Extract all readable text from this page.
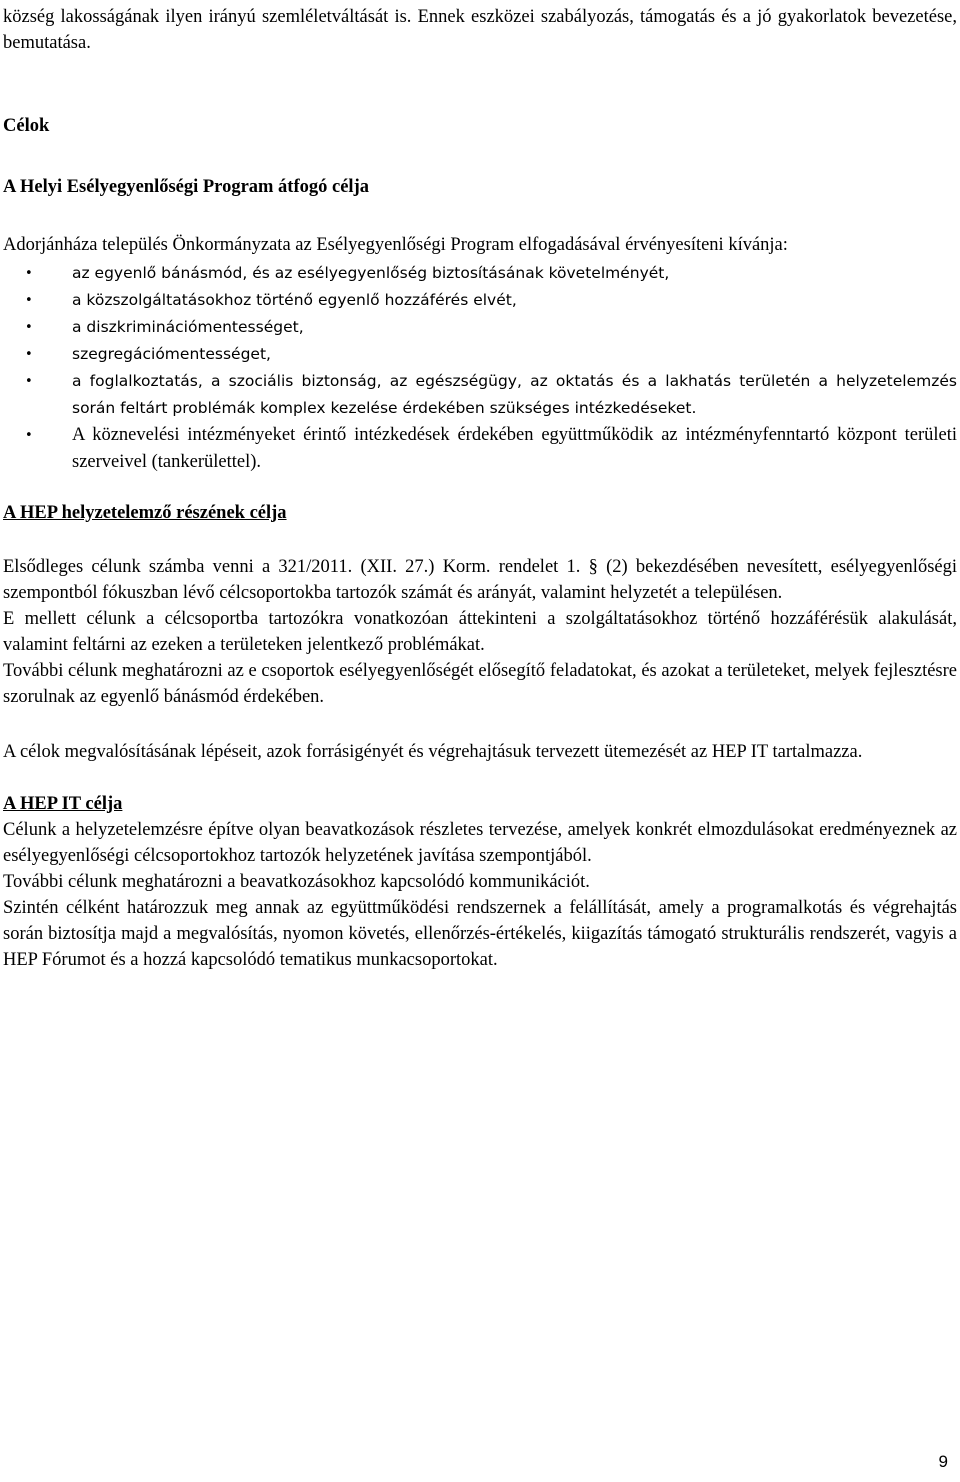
község lakosságának ilyen irányú szemléletváltását is. Ennek eszközei szabályozás, támogatás és a jó gyakorlatok bevezetése, bemutatása.

Célok
A Helyi Esélyegyenlőségi Program átfogó célja

Adorjánháza település Önkormányzata az Esélyegyenlőségi Program elfogadásával érvényesíteni kívánja:

•	az egyenlő bánásmód, és az esélyegyenlőség biztosításának követelményét,
•	a közszolgáltatásokhoz történő egyenlő hozzáférés elvét,
•	a diszkriminációmentességet,
•	szegregációmentességet,
•	a foglalkoztatás, a szociális biztonság, az egészségügy, az oktatás és a lakhatás területén a helyzetelemzés során feltárt problémák komplex kezelése érdekében szükséges intézkedéseket.
• A köznevelési intézményeket érintő intézkedések érdekében együttműködik az intézményfenntartó központ területi szerveivel (tankerülettel).
A HEP helyzetelemző részének célja

Elsődleges célunk számba venni a 321/2011. (XII. 27.) Korm. rendelet 1. § (2) bekezdésében nevesített, esélyegyenlőségi szempontból fókuszban lévő célcsoportokba tartozók számát és arányát, valamint helyzetét a településen.

E mellett célunk a célcsoportba tartozókra vonatkozóan áttekinteni a szolgáltatásokhoz történő hozzáférésük alakulását, valamint feltárni az ezeken a területeken jelentkező problémákat.

További célunk meghatározni az e csoportok esélyegyenlőségét elősegítő feladatokat, és azokat a területeket, melyek fejlesztésre szorulnak az egyenlő bánásmód érdekében.

A célok megvalósításának lépéseit, azok forrásigényét és végrehajtásuk tervezett ütemezését az HEP IT tartalmazza.

A HEP IT célja

Célunk a helyzetelemzésre építve olyan beavatkozások részletes tervezése, amelyek konkrét elmozdulásokat eredményeznek az esélyegyenlőségi célcsoportokhoz tartozók helyzetének javítása szempontjából.

További célunk meghatározni a beavatkozásokhoz kapcsolódó kommunikációt.

Szintén célként határozzuk meg annak az együttműködési rendszernek a felállítását, amely a programalkotás és végrehajtás során biztosítja majd a megvalósítás, nyomon követés, ellenőrzés-értékelés, kiigazítás támogató strukturális rendszerét, vagyis a HEP Fórumot és a hozzá kapcsolódó tematikus munkacsoportokat.

9
